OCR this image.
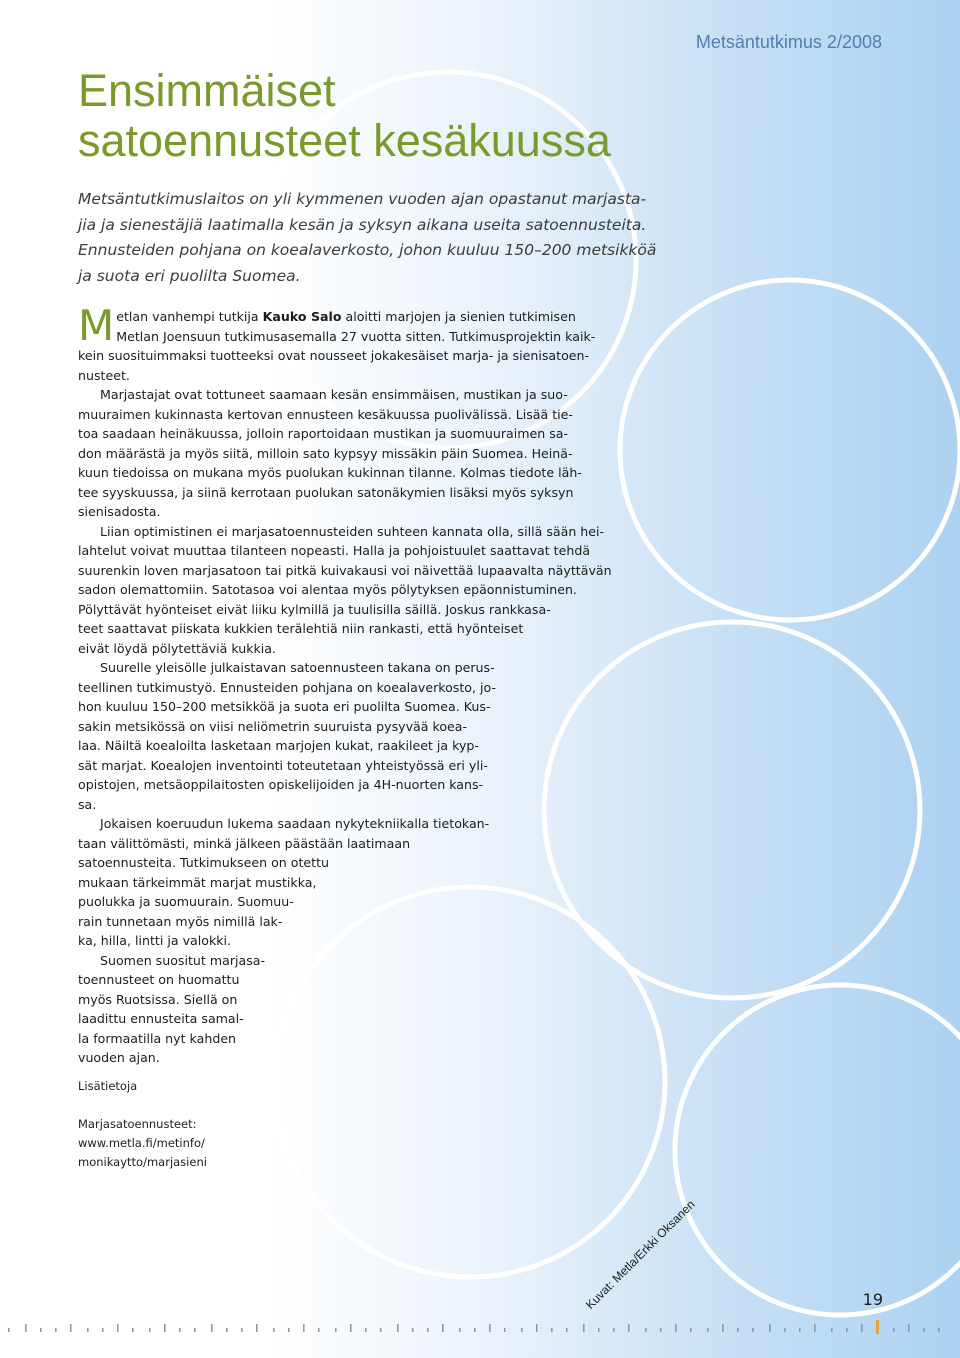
Metsäntutkimus 2/2008
Ensimmäiset
satoennusteet kesäkuussa

Metsäntutkimuslaitos on yli kymmenen vuoden ajan opastanut marjasta-
jia ja sienestäjiä laatimalla kesän ja syksyn aikana useita satoennusteita.
Ennusteiden pohjana on koealaverkosto, johon kuuluu 150–200 metsikköä
ja suota eri puolilta Suomea.

M etlan vanhempi tutkija Kauko Salo aloitti marjojen ja sienien tutkimisen
Metlan Joensuun tutkimusasemalla 27 vuotta sitten. Tutkimusprojektin kaik-
kein suosituimmaksi tuotteeksi ovat nousseet jokakesäiset marja- ja sienisatoen-
nusteet.
Marjastajat ovat tottuneet saamaan kesän ensimmäisen, mustikan ja suo-
muuraimen kukinnasta kertovan ennusteen kesäkuussa puolivälissä. Lisää tie-
toa saadaan heinäkuussa, jolloin raportoidaan mustikan ja suomuuraimen sa-
don määrästä ja myös siitä, milloin sato kypsyy missäkin päin Suomea. Heinä-
kuun tiedoissa on mukana myös puolukan kukinnan tilanne. Kolmas tiedote läh-
tee syyskuussa, ja siinä kerrotaan puolukan satonäkymien lisäksi myös syksyn
sienisadosta.
Liian optimistinen ei marjasatoennusteiden suhteen kannata olla, sillä sään hei-
lahtelut voivat muuttaa tilanteen nopeasti. Halla ja pohjoistuulet saattavat tehdä
suurenkin loven marjasatoon tai pitkä kuivakausi voi näivettää lupaavalta näyttävän
sadon olemattomiin. Satotasoa voi alentaa myös pölytyksen epäonnistuminen.
Pölyttävät hyönteiset eivät liiku kylmillä ja tuulisilla säillä. Joskus rankkasa-
teet saattavat piiskata kukkien terälehtiä niin rankasti, että hyönteiset
eivät löydä pölytettäviä kukkia.
Suurelle yleisölle julkaistavan satoennusteen takana on perus-
teellinen tutkimustyö. Ennusteiden pohjana on koealaverkosto, jo-
hon kuuluu 150–200 metsikköä ja suota eri puolilta Suomea. Kus-
sakin metsikössä on viisi neliömetrin suuruista pysyvää koea-
laa. Näiltä koealoilta lasketaan marjojen kukat, raakileet ja kyp-
sät marjat. Koealojen inventointi toteutetaan yhteistyössä eri yli-
opistojen, metsäoppilaitosten opiskelijoiden ja 4H-nuorten kans-
sa.
Jokaisen koeruudun lukema saadaan nykytekniikalla tietokan-
taan välittömästi, minkä jälkeen päästään laatimaan
satoennusteita. Tutkimukseen on otettu
mukaan tärkeimmät marjat mustikka,
puolukka ja suomuurain. Suomuu-
rain tunnetaan myös nimillä lak-
ka, hilla, lintti ja valokki.
Suomen suositut marjasa-
toennusteet on huomattu
myös Ruotsissa. Siellä on
laadittu ennusteita samal-
la formaatilla nyt kahden
vuoden ajan.
Lisätietoja
Marjasatoennusteet:
www.metla.fi/metinfo/
monikaytto/marjasieni
Kuvat: Metla/Erkki Oksanen	19
